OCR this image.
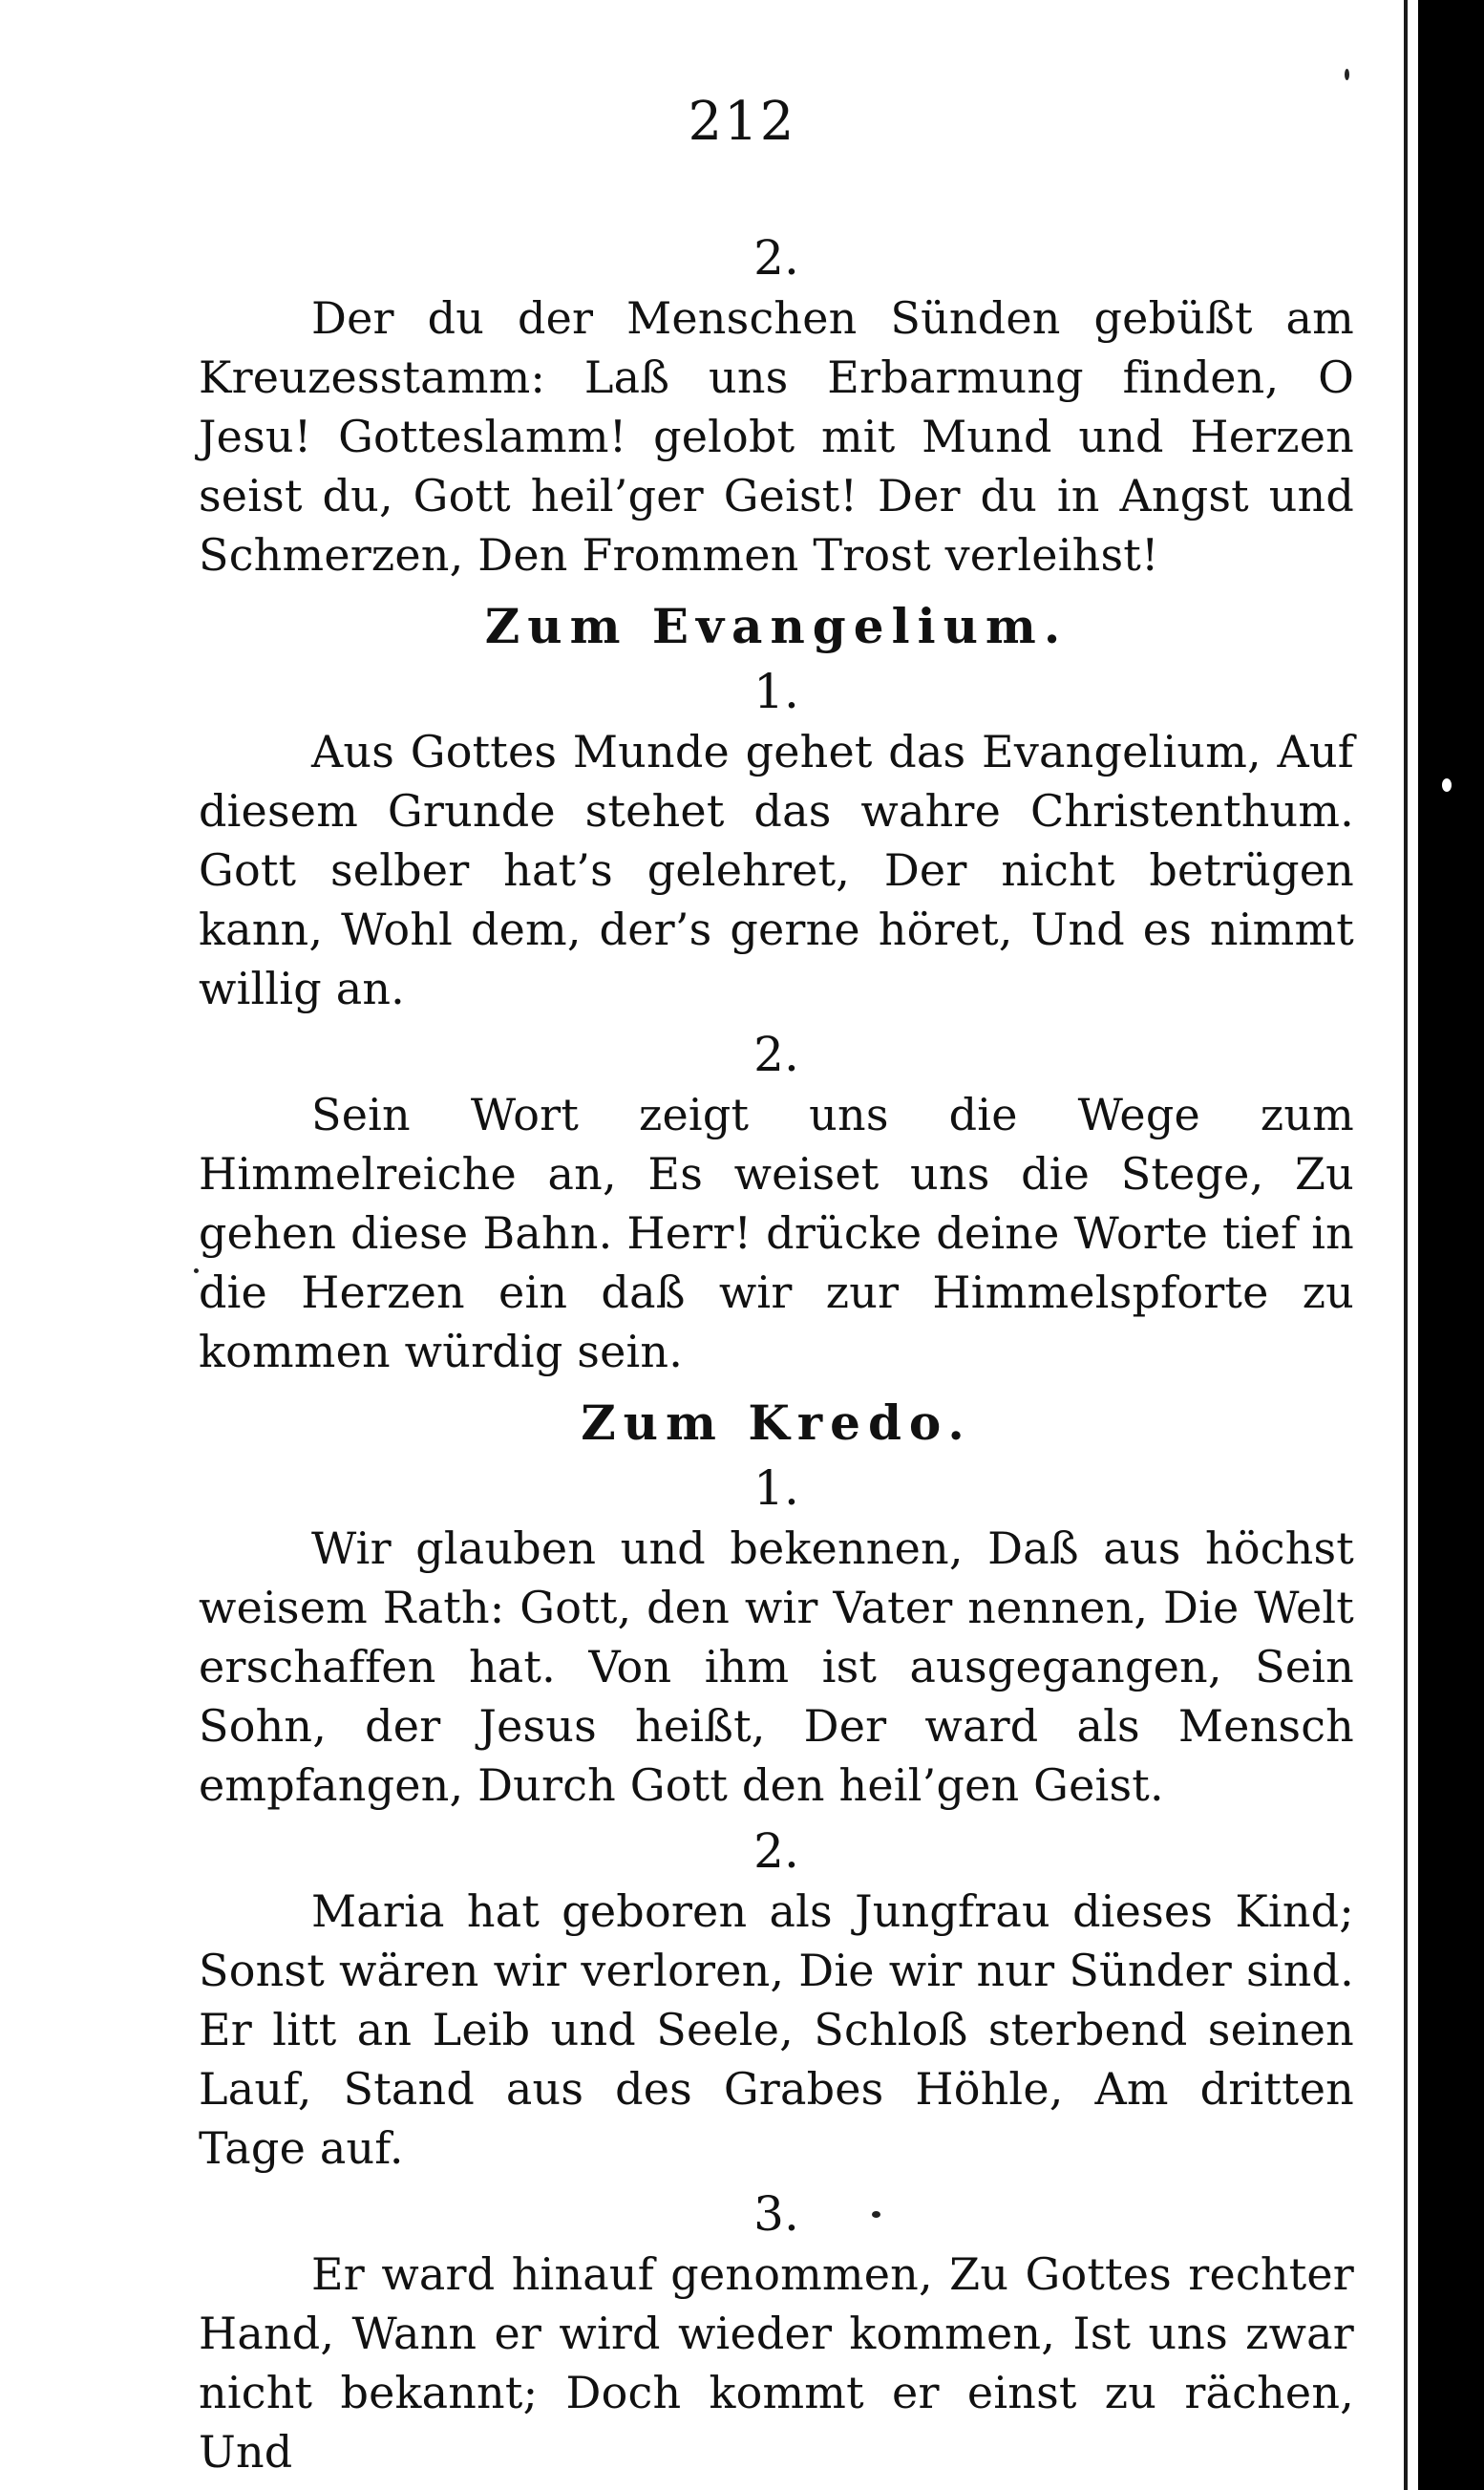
212
2.

Der du der Menschen Sünden gebüßt am Kreuzesstamm: Laß uns Erbarmung finden, O Jesu! Gotteslamm! gelobt mit Mund und Herzen seist du, Gott heil’ger Geist! Der du in Angst und Schmerzen, Den Frommen Trost verleihst!

Zum Evangelium.
1.

Aus Gottes Munde gehet das Evangelium, Auf diesem Grunde stehet das wahre Christenthum. Gott selber hat’s gelehret, Der nicht betrügen kann, Wohl dem, der’s gerne höret, Und es nimmt willig an.

2.

Sein Wort zeigt uns die Wege zum Himmelreiche an, Es weiset uns die Stege, Zu gehen diese Bahn. Herr! drücke deine Worte tief in die Herzen ein daß wir zur Himmelspforte zu kommen würdig sein.

Zum Kredo.
1.

Wir glauben und bekennen, Daß aus höchst weisem Rath: Gott, den wir Vater nennen, Die Welt erschaffen hat. Von ihm ist ausgegangen, Sein Sohn, der Jesus heißt, Der ward als Mensch empfangen, Durch Gott den heil’gen Geist.

2.

Maria hat geboren als Jungfrau dieses Kind; Sonst wären wir verloren, Die wir nur Sünder sind. Er litt an Leib und Seele, Schloß sterbend seinen Lauf, Stand aus des Grabes Höhle, Am dritten Tage auf.

3.

Er ward hinauf genommen, Zu Gottes rechter Hand, Wann er wird wieder kommen, Ist uns zwar nicht bekannt; Doch kommt er einst zu rächen, Und
